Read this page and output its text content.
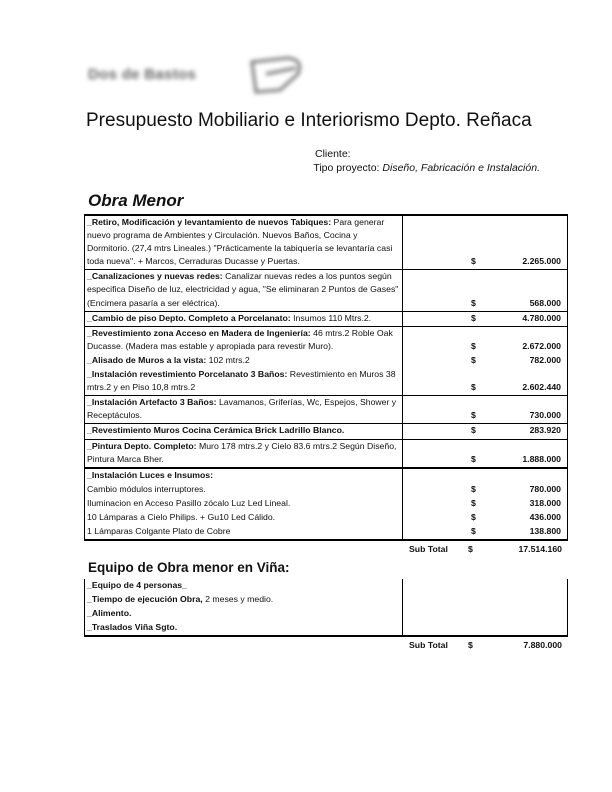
Dos de Bastos
Presupuesto Mobiliario e Interiorismo Depto. Reñaca
Cliente:
Tipo proyecto: Diseño, Fabricación e Instalación.
Obra Menor
_Retiro, Modificación y levantamiento de nuevos Tabiques: Para generar nuevo programa de Ambientes y Circulación. Nuevos Baños, Cocina y Dormitorio. (27,4 mtrs Lineales.) "Prácticamente la tabiquería se levantaría casi toda nueva". + Marcos, Cerraduras Ducasse y Puertas.	$ 2.265.000

_Canalizaciones y nuevas redes: Canalizar nuevas redes a los puntos según especifica Diseño de luz, electricidad y agua, "Se eliminaran 2 Puntos de Gases" (Encimera pasaría a ser eléctrica).	$ 568.000

_Cambio de piso Depto. Completo a Porcelanato: Insumos 110 Mtrs.2.	$ 4.780.000

_Revestimiento zona Acceso en Madera de Ingeniería: 46 mtrs.2 Roble Oak Ducasse. (Madera mas estable y apropiada para revestir Muro).	$ 2.672.000

_Alisado de Muros a la vista: 102 mtrs.2	$ 782.000

_Instalación revestimiento Porcelanato 3 Baños: Revestimiento en Muros 38 mtrs.2 y en Piso 10,8 mtrs.2	$ 2.602.440

_Instalación Artefacto 3 Baños: Lavamanos, Griferías, Wc, Espejos, Shower y Receptáculos.	$ 730.000

_Revestimiento Muros Cocina Cerámica Brick Ladrillo Blanco.	$ 283.920

_Pintura Depto. Completo: Muro 178 mtrs.2 y Cielo 83.6 mtrs.2 Según Diseño, Pintura Marca Bher.	$ 1.888.000

_Instalación Luces e Insumos:	
Cambio módulos interruptores.	$ 780.000

Iluminacion en Acceso Pasillo zócalo Luz Led Lineal.	$ 318.000

10 Lámparas a Cielo Philips. + Gu10 Led Cálido.	$ 436.000

1 Lámparas Colgante Plato de Cobre	$ 138.800
Sub Total $	17.514.160
Equipo de Obra menor en Viña:
_Equipo de 4 personas_	
_Tiempo de ejecución Obra, 2 meses y medio.	
_Alimento.	
_Traslados Viña Sgto.	
Sub Total $	7.880.000
